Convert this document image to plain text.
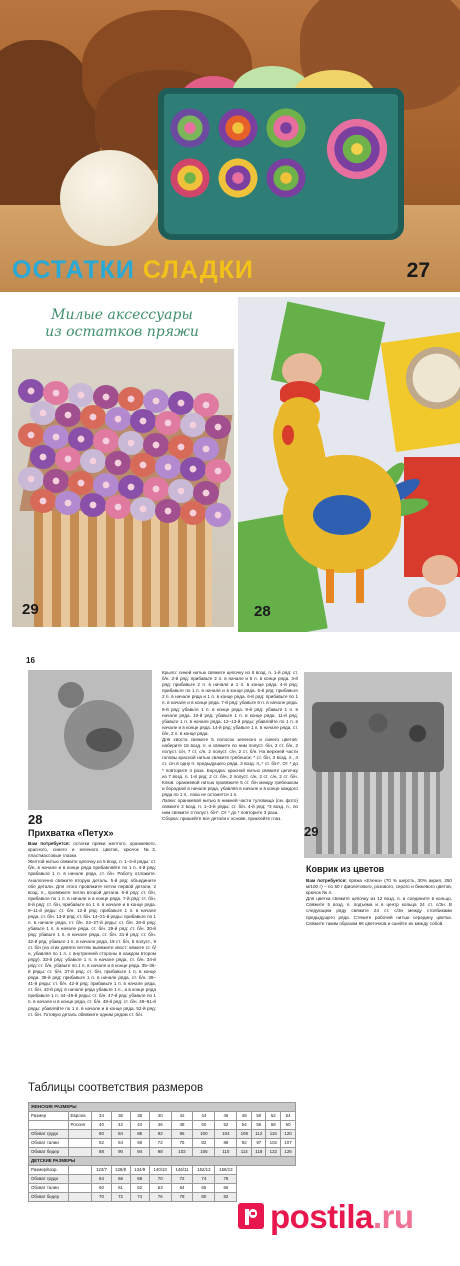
ОСТАТКИ СЛАДКИ	27
Милые аксессуары
из остатков пряжи
29	28
16
29
28
Прихватка «Петух»
Вам потребуется: остатки пряжи желтого, оранжевого, красного, синего и зеленого цветов, крючок №3, пластмассовые глазки.
Желтой нитью свяжите цепочку из 5 возд. п. 1–3-й ряды: ст. б/н, в начале и в конце ряда прибавляйте по 1 п. 4-й ряд: прибавьте 1 п. в начале ряда, ст. б/н. Работу отложите. Аналогично свяжите вторую деталь. 5-й ряд: объедините обе детали. Для этого провяжите петли первой детали, 2 возд. п., провяжите петли второй детали. 6-й ряд: ст. б/н, прибавьте по 1 п. в начале и в конце ряда. 7-й ряд: ст. б/н. 8-й ряд: ст. б/н, прибавьте по 1 п. в начале и в конце ряда. 9–11-й ряды: ст. б/н. 12-й ряд: прибавьте 1 п. в начале ряда, ст. б/н. 13-й ряд: ст. б/н. 14–21-й ряды: прибавьте по 1 п. в начале ряда, ст. б/н. 22–27-й ряды: ст. б/н. 28-й ряд: убавьте 1 п. в начале ряда, ст. б/н. 29-й ряд: ст. б/н. 30-й ряд: убавьте 1 п. в начале ряда, ст. б/н. 31-й ряд: ст. б/н. 32-й ряд: убавьте 1 п. в начале ряда, 19 ст. б/н, 5 полуст., 9 ст. б/н (на этих девяти петлях вывяжите хвост: вяжите ст. б/н, убавляя по 1 п. с внутренней стороны в каждом втором ряду). 33-й ряд: убавьте 1 п. в начале ряда, ст. б/н. 34-й ряд: ст. б/н, убавьте по 1 п. в начале и в конце ряда. 35–36-й ряды: ст. б/н. 37-й ряд: ст. б/н, прибавьте 1 п. в конце ряда. 38-й ряд: прибавьте 1 п. в начале ряда, ст. б/н. 39–41-й ряды: ст. б/н. 42-й ряд: прибавьте 1 п. в начале ряда, ст. б/н. 43-й ряд: в начале ряда убавьте 1 п., а в конце ряда прибавьте 1 п. 44–46-й ряды: ст. б/н. 47-й ряд: убавьте по 1 п. в начале и в конце ряда, ст. б/н. 48-й ряд: ст. б/н. 49–51-й ряды: убавляйте по 1 п. в начале и в конце ряда. 52-й ряд: ст. б/н. Готовую деталь обвяжите одним рядом ст. б/н.
Крыло: синей нитью свяжите цепочку из 6 возд. п. 1-й ряд: ст. б/н. 2-й ряд: прибавьте 2 п. в начале и 5 п. в конце ряда. 3-й ряд: прибавьте 2 п. в начале и 1 п. в конце ряда. 4-й ряд: прибавьте по 1 п. в начале и в конце ряда. 5-й ряд: прибавьте 2 п. в начале ряда и 1 п. в конце ряда. 6-й ряд: прибавьте по 1 п. в начале и в конце ряда. 7-й ряд: убавьте 6 п. в начале ряда. 8-й ряд: убавьте 1 п. в конце ряда. 9-й ряд: убавьте 1 п. в начале ряда. 10-й ряд: убавьте 1 п. в конце ряда. 11-й ряд: убавьте 1 п. в начале ряда. 12–13-й ряды: убавляйте по 1 п. в начале и в конце ряда. 14-й ряд: убавьте 1 п. в начале ряда, ст. б/н, 2 п. в конце ряда.
Для хвоста свяжите 5 полосок зеленого и синего цветов: наберите 15 возд. п. и свяжите по ним полуст. б/н, 2 ст. б/н, 2 полуст. с/н, 7 ст. с/н, 2 полуст. с/н, 2 ст. б/н. На верхней части головы красной нитью свяжите гребешок: * ст. б/н, 3 возд. п., 4 ст. с/н в одну п. предыдущего ряда, 3 возд. п.,* ст. б/н*. От * до * повторите 4 раза. Бородка: красной нитью свяжите цепочку из 7 возд. п. 1-й ряд: 2 ст. б/н, 2 полуст. с/н, 2 ст. с/н, 2 ст. б/н. Клюв: оранжевой нитью провяжите 5 ст. б/н между гребешком и бородкой в начале ряда, убавляя в начале и в конце каждого ряда по 1 п., пока не останется 1 п.
Лапки: оранжевой нитью в нижней части туловища (см. фото) свяжите 2 возд. п. 1–3-й ряды: ст. б/н. 4-й ряд: *3 возд. п., по ним свяжите 3 полуст. б/н*. От * до * повторите 3 раза.
Сборка: пришейте все детали к основе, приклейте глаз.
Коврик из цветов
Вам потребуется: пряжа «Елена» (70 % шерсть, 30% акрил, 250 м/100 г) – по 50 г фиолетового, розового, серого и бежевого цветов, крючок № 4.
Для цветка свяжите цепочку из 12 возд. п. и соедините в кольцо. Свяжите 5 возд. п. подъема и в центр кольца 24 ст. с/3н. В следующем ряду свяжите 24 ст. с/3н между столбиками предыдущего ряда. Стяните рабочей нитью середину цветка. Свяжите таким образом 66 цветочков и сшейте их между собой.
Таблицы соответствия размеров
ЖЕНСКИЕ РАЗМЕРЫ												
Размер	Европа	34	36	38	40	42	44	46	48	50	52	54
	Россия	40	42	44	46	48	50	52	54	56	58	60
Обхват груди		80	84	88	92	96	100	104	108	112	116	120
Обхват талии		62	64	68	72	76	82	88	92	97	102	107
Обхват бедер		88	90	94	98	102	106	110	114	118	122	126
ДЕТСКИЕ РАЗМЕРЫ												
Размер/возр.		122/7	128/8	134/9	140/10	146/11	152/12	158/13				
Обхват груди		64	66	68	70	72	74	76				
Обхват талии		60	61	62	63	64	65	66				
Обхват бедер		70	72	74	76	78	80	82				
postila.ru
